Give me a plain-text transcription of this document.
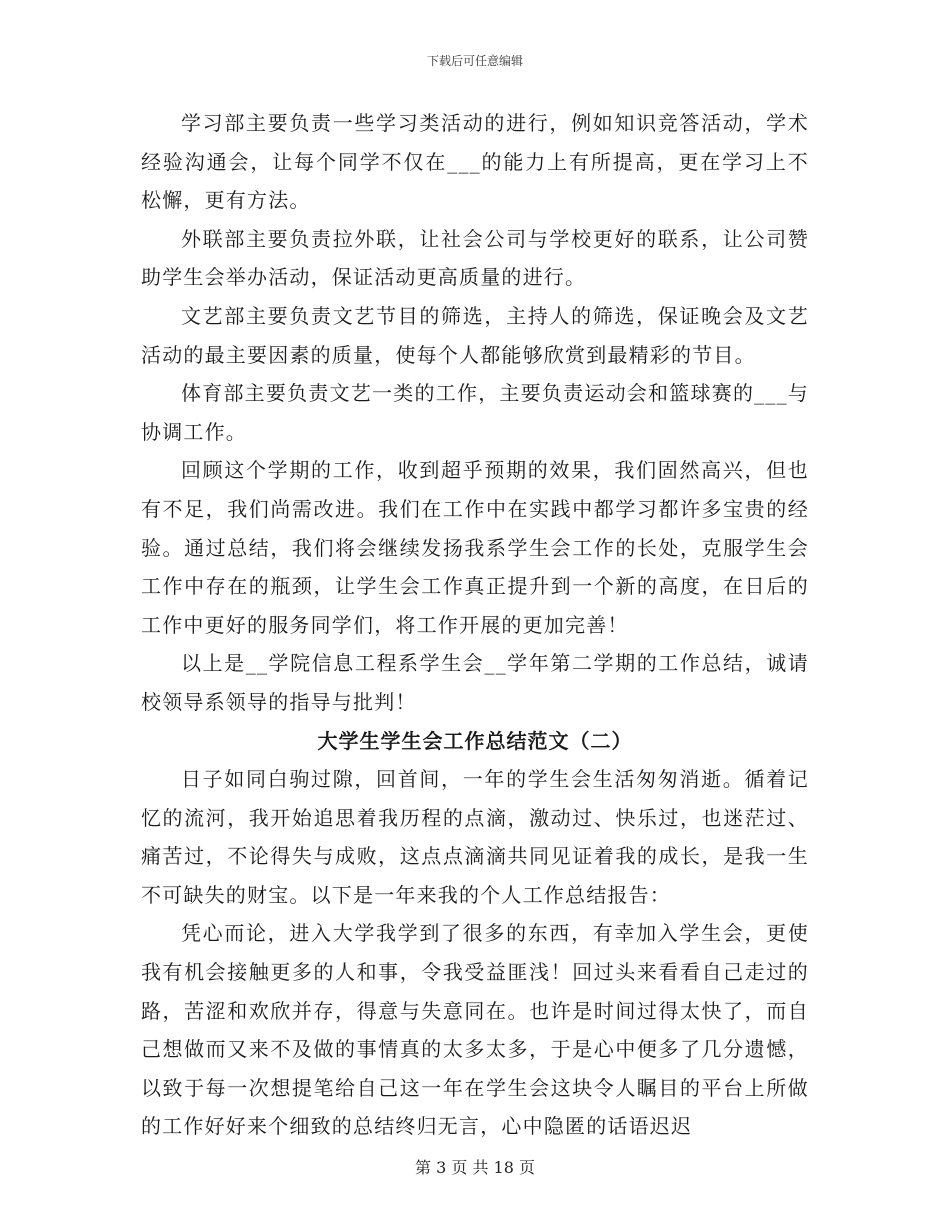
下载后可任意编辑

学习部主要负责一些学习类活动的进行，例如知识竞答活动，学术经验沟通会，让每个同学不仅在___的能力上有所提高，更在学习上不松懈，更有方法。

外联部主要负责拉外联，让社会公司与学校更好的联系，让公司赞助学生会举办活动，保证活动更高质量的进行。

文艺部主要负责文艺节目的筛选，主持人的筛选，保证晚会及文艺活动的最主要因素的质量，使每个人都能够欣赏到最精彩的节目。

体育部主要负责文艺一类的工作，主要负责运动会和篮球赛的___与协调工作。

回顾这个学期的工作，收到超乎预期的效果，我们固然高兴，但也有不足，我们尚需改进。我们在工作中在实践中都学习都许多宝贵的经验。通过总结，我们将会继续发扬我系学生会工作的长处，克服学生会工作中存在的瓶颈，让学生会工作真正提升到一个新的高度，在日后的工作中更好的服务同学们，将工作开展的更加完善！

以上是__学院信息工程系学生会__学年第二学期的工作总结，诚请校领导系领导的指导与批判！

大学生学生会工作总结范文（二）

日子如同白驹过隙，回首间，一年的学生会生活匆匆消逝。循着记忆的流河，我开始追思着我历程的点滴，激动过、快乐过，也迷茫过、痛苦过，不论得失与成败，这点点滴滴共同见证着我的成长，是我一生不可缺失的财宝。以下是一年来我的个人工作总结报告：

凭心而论，进入大学我学到了很多的东西，有幸加入学生会，更使我有机会接触更多的人和事，令我受益匪浅！回过头来看看自己走过的路，苦涩和欢欣并存，得意与失意同在。也许是时间过得太快了，而自己想做而又来不及做的事情真的太多太多，于是心中便多了几分遗憾，以致于每一次想提笔给自己这一年在学生会这块令人瞩目的平台上所做的工作好好来个细致的总结终归无言，心中隐匿的话语迟迟

第 3 页 共 18 页
